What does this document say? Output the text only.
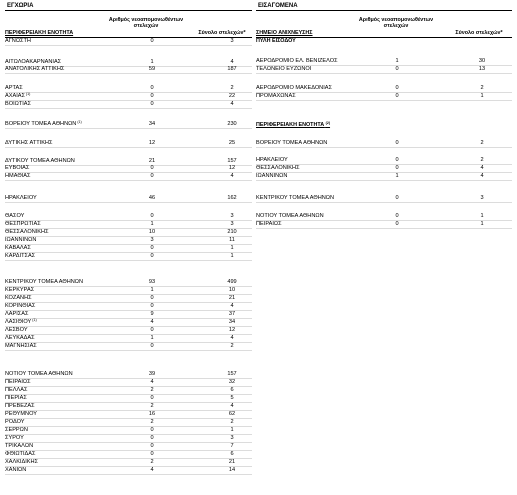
ΕΓΧΩΡΙΑ
Αριθμός νεοαπομονωθέντων στελεχών
Σύνολο στελεχών*
ΠΕΡΙΦΕΡΕΙΑΚΗ ΕΝΟΤΗΤΑ
ΑΓΝΩΣΤΗ	0	3
ΑΙΤΩΛΟΑΚΑΡΝΑΝΙΑΣ	1	4
ΑΝΑΤΟΛΙΚΗΣ ΑΤΤΙΚΗΣ	59	187
ΑΡΤΑΣ	0	2
ΑΧΑΙΑΣ $^{(1)}$	0	22
ΒΟΙΩΤΙΑΣ	0	4
ΒΟΡΕΙΟΥ ΤΟΜΕΑ ΑΘΗΝΩΝ $^{(1)}$	34	230
ΔΥΤΙΚΗΣ ΑΤΤΙΚΗΣ	12	25
ΔΥΤΙΚΟΥ ΤΟΜΕΑ ΑΘΗΝΩΝ	21	157
ΕΥΒΟΙΑΣ	0	12
ΗΜΑΘΙΑΣ	0	4
ΗΡΑΚΛΕΙΟΥ	46	162
ΘΑΣΟΥ	0	3
ΘΕΣΠΡΩΤΙΑΣ	1	3
ΘΕΣΣΑΛΟΝΙΚΗΣ	10	210
ΙΩΑΝΝΙΝΩΝ	3	11
ΚΑΒΑΛΑΣ	0	1
ΚΑΡΔΙΤΣΑΣ	0	1
ΚΕΝΤΡΙΚΟΥ ΤΟΜΕΑ ΑΘΗΝΩΝ	93	499
ΚΕΡΚΥΡΑΣ	1	10
ΚΟΖΑΝΗΣ	0	21
ΚΟΡΙΝΘΙΑΣ	0	4
ΛΑΡΙΣΑΣ	9	37
ΛΑΣΙΘΙΟΥ $^{(1)}$	4	34
ΛΕΣΒΟΥ	0	12
ΛΕΥΚΑΔΑΣ	1	4
ΜΑΓΝΗΣΙΑΣ	0	2
ΝΟΤΙΟΥ ΤΟΜΕΑ ΑΘΗΝΩΝ	39	157
ΠΕΙΡΑΙΩΣ	4	32
ΠΕΛΛΑΣ	2	6
ΠΙΕΡΙΑΣ	0	5
ΠΡΕΒΕΖΑΣ	2	4
ΡΕΘΥΜΝΟΥ	16	62
ΡΟΔΟΥ	2	2
ΣΕΡΡΩΝ	0	1
ΣΥΡΟΥ	0	3
ΤΡΙΚΑΛΩΝ	0	7
ΦΘΙΩΤΙΔΑΣ	0	6
ΧΑΛΚΙΔΙΚΗΣ	2	21
ΧΑΝΙΩΝ	4	14
ΕΙΣΑΓΟΜΕΝΑ
Αριθμός νεοαπομονωθέντων στελεχών
Σύνολο στελεχών*
ΣΗΜΕΙΟ ΑΝΙΧΝΕΥΣΗΣ
ΠΥΛΗ ΕΙΣΟΔΟΥ
ΑΕΡΟΔΡΟΜΙΟ ΕΛ. ΒΕΝΙΖΕΛΟΣ	1	30
ΤΕΛΩΝΕΙΟ ΕΥΖΩΝΟΙ	0	13
ΑΕΡΟΔΡΟΜΙΟ ΜΑΚΕΔΟΝΙΑΣ	0	2
ΠΡΟΜΑΧΩΝΑΣ	0	1
ΠΕΡΙΦΕΡΕΙΑΚΗ ΕΝΟΤΗΤΑ $^{(2)}$
ΒΟΡΕΙΟΥ ΤΟΜΕΑ ΑΘΗΝΩΝ	0	2
ΗΡΑΚΛΕΙΟΥ	0	2
ΘΕΣΣΑΛΟΝΙΚΗΣ	0	4
ΙΩΑΝΝΙΝΩΝ	1	4
ΚΕΝΤΡΙΚΟΥ ΤΟΜΕΑ ΑΘΗΝΩΝ	0	3
ΝΟΤΙΟΥ ΤΟΜΕΑ ΑΘΗΝΩΝ	0	1
ΠΕΙΡΑΙΩΣ	0	1
